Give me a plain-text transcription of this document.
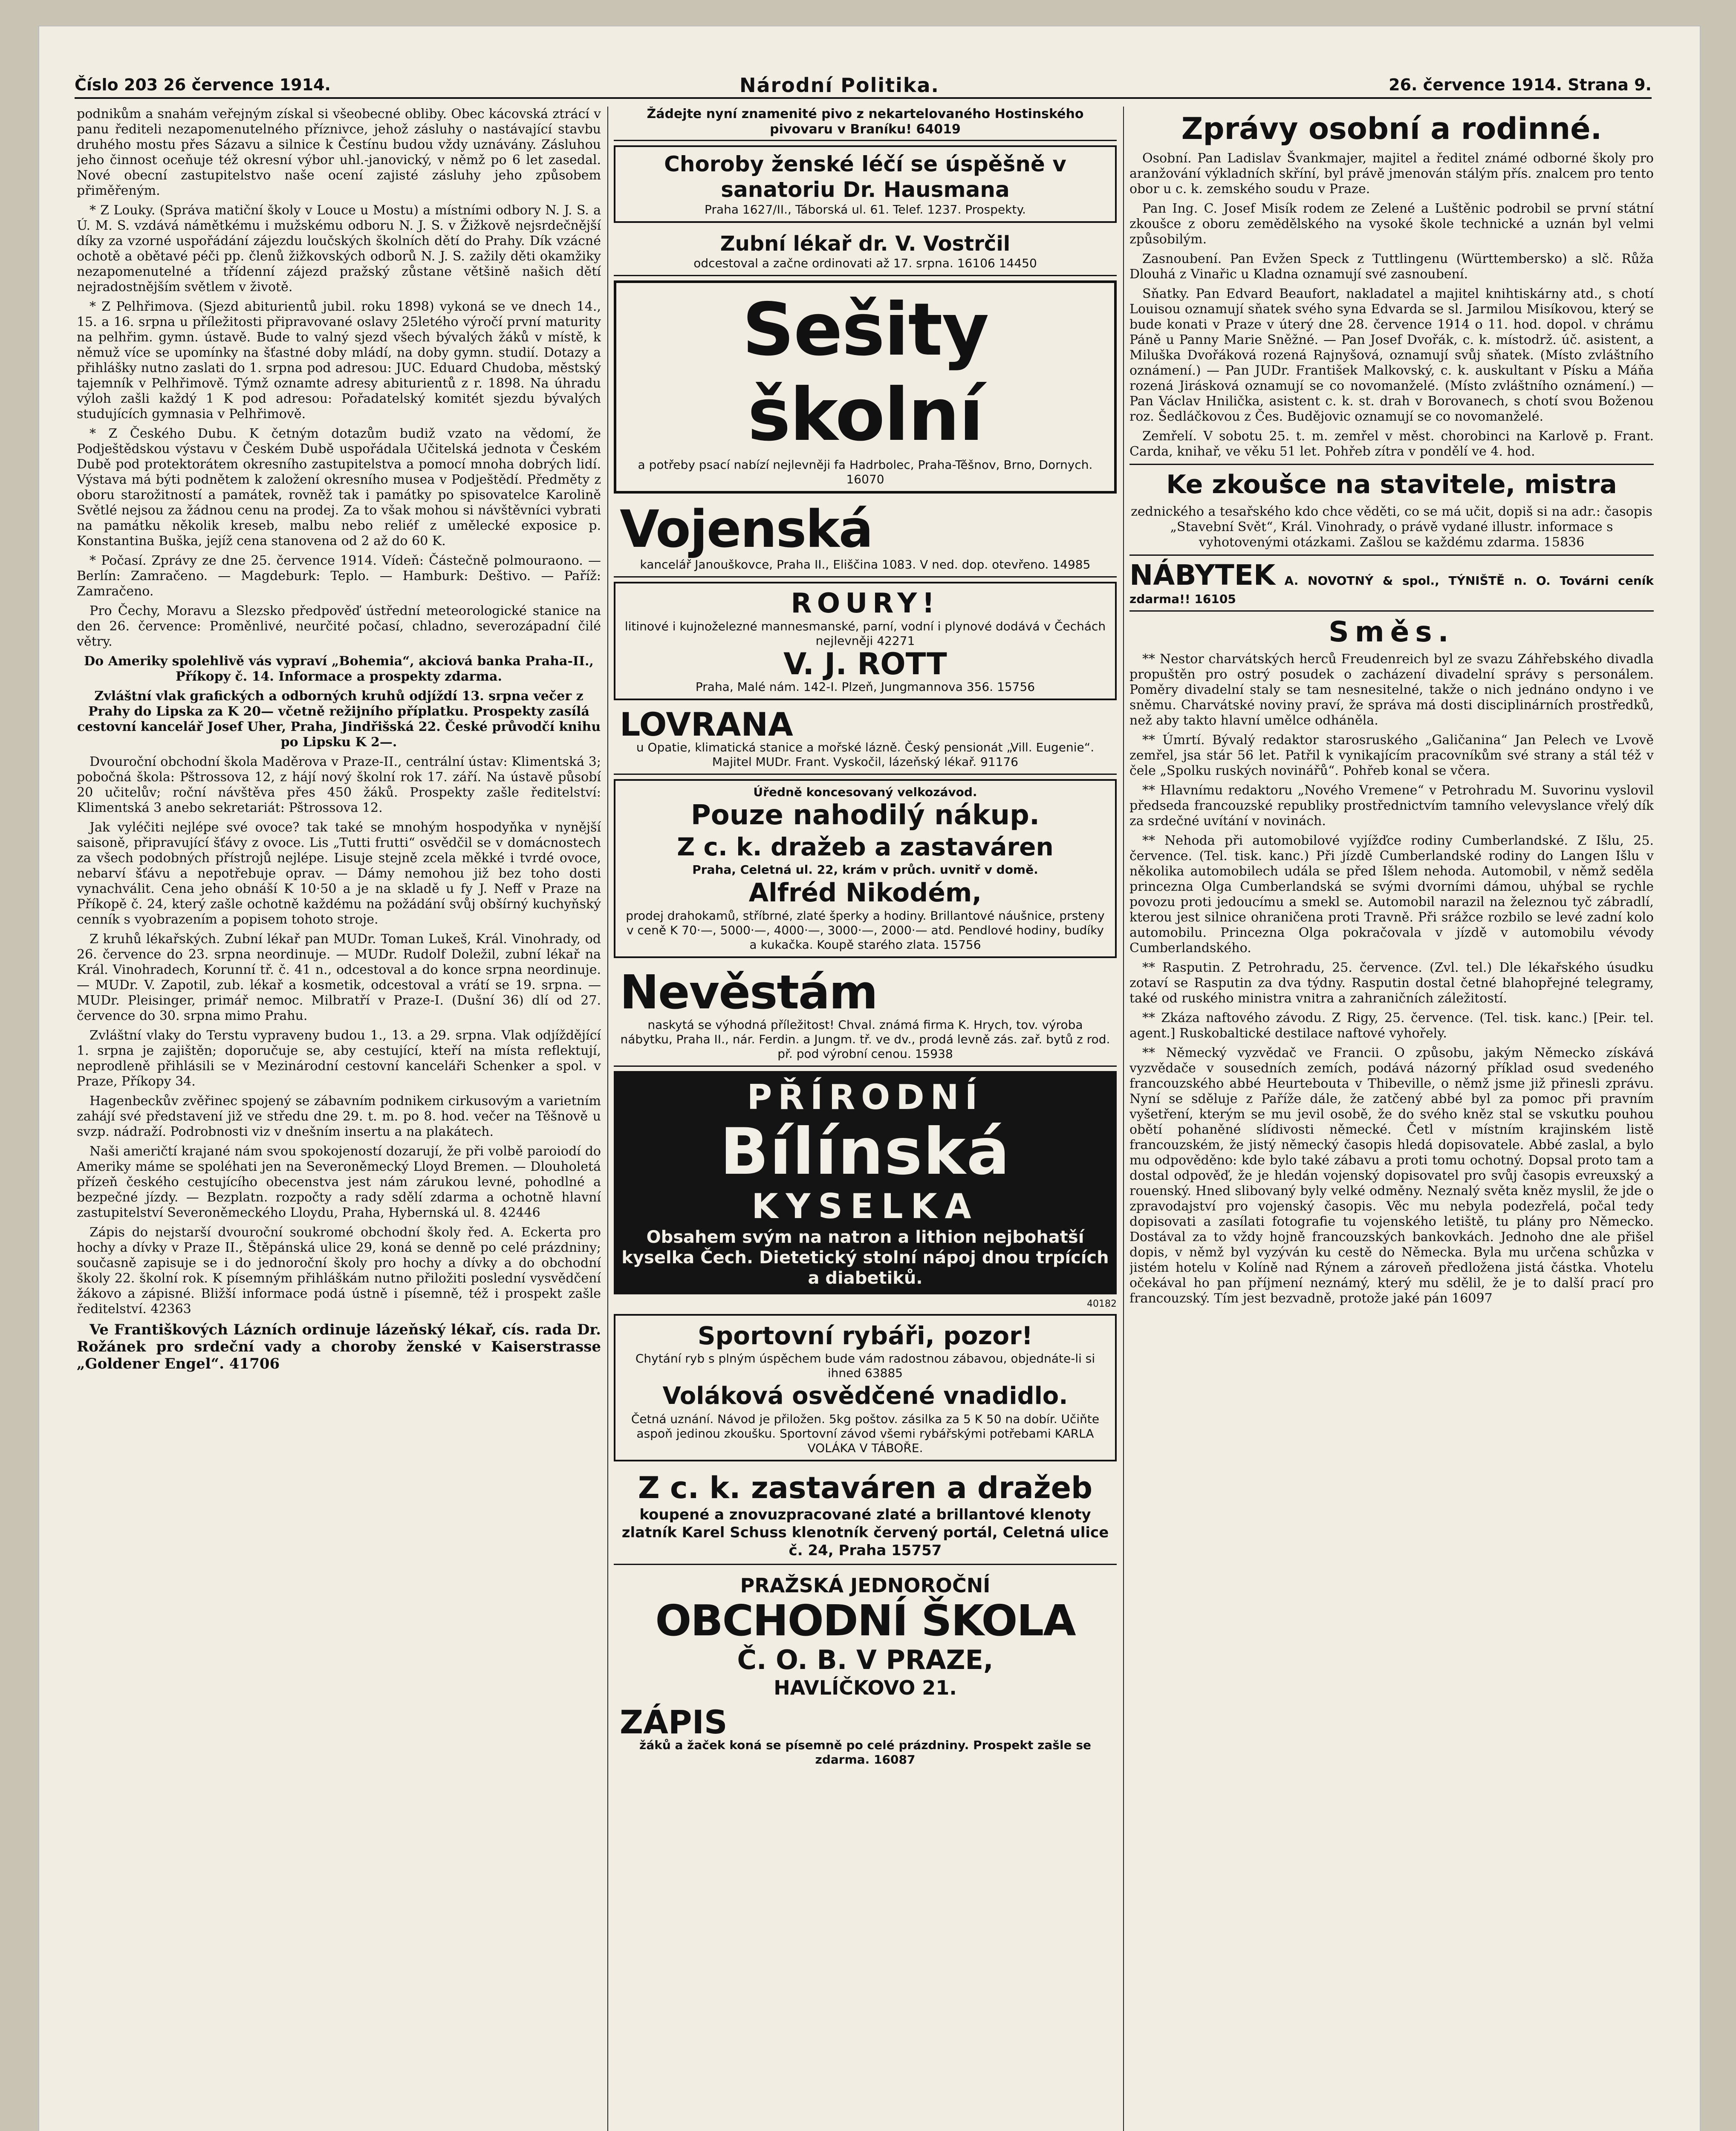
Číslo 203 26 července 1914.	Národní Politika.	26. července 1914. Strana 9.

podnikům a snahám veřejným získal si všeobecné obliby. Obec kácovská ztrácí v panu řediteli nezapomenutelného příznivce, jehož zásluhy o nastávající stavbu druhého mostu přes Sázavu a silnice k Čestínu budou vždy uznávány. Zásluhou jeho činnost oceňuje též okresní výbor uhl.-janovický, v němž po 6 let zasedal. Nové obecní zastupitelstvo naše ocení zajisté zásluhy jeho způsobem přiměřeným.

* Z Louky. (Správa matiční školy v Louce u Mostu) a místními odbory N. J. S. a Ú. M. S. vzdává námětkému i mužskému odboru N. J. S. v Žižkově nejsrdečnější díky za vzorné uspořádání zájezdu loučských školních dětí do Prahy. Dík vzácné ochotě a obětavé péči pp. členů žižkovských odborů N. J. S. zažily děti okamžiky nezapomenutelné a třídenní zájezd pražský zůstane většině našich dětí nejradostnějším světlem v životě.

* Z Pelhřimova. (Sjezd abiturientů jubil. roku 1898) vykoná se ve dnech 14., 15. a 16. srpna u příležitosti připravované oslavy 25letého výročí první maturity na pelhřim. gymn. ústavě. Bude to valný sjezd všech bývalých žáků v místě, k němuž více se upomínky na šťastné doby mládí, na doby gymn. studií. Dotazy a přihlášky nutno zaslati do 1. srpna pod adresou: JUC. Eduard Chudoba, městský tajemník v Pelhřimově. Týmž oznamte adresy abiturientů z r. 1898. Na úhradu výloh zašli každý 1 K pod adresou: Pořadatelský komitét sjezdu bývalých studujících gymnasia v Pelhřimově.

* Z Českého Dubu. K četným dotazům budiž vzato na vědomí, že Podještědskou výstavu v Českém Dubě uspořádala Učitelská jednota v Českém Dubě pod protektorátem okresního zastupitelstva a pomocí mnoha dobrých lidí. Výstava má býti podnětem k založení okresního musea v Podještědí. Předměty z oboru starožitností a památek, rovněž tak i památky po spisovatelce Karolině Světlé nejsou za žádnou cenu na prodej. Za to však mohou si návštěvníci vybrati na památku několik kreseb, malbu nebo reliéf z umělecké exposice p. Konstantina Buška, jejíž cena stanovena od 2 až do 60 K.

* Počasí. Zprávy ze dne 25. července 1914. Vídeň: Částečně polmouraono. — Berlín: Zamračeno. — Magdeburk: Teplo. — Hamburk: Deštivo. — Paříž: Zamračeno.

Pro Čechy, Moravu a Slezsko předpověď ústřední meteorologické stanice na den 26. července: Proměnlivé, neurčité počasí, chladno, severozápadní čilé větry.

Do Ameriky spolehlivě vás vypraví „Bohemia“, akciová banka Praha-II., Příkopy č. 14. Informace a prospekty zdarma.

Zvláštní vlak grafických a odborných kruhů odjíždí 13. srpna večer z Prahy do Lipska za K 20— včetně režijního příplatku. Prospekty zasílá cestovní kancelář Josef Uher, Praha, Jindřišská 22. České průvodčí knihu po Lipsku K 2—.

Dvouroční obchodní škola Maděrova v Praze-II., centrální ústav: Klimentská 3; pobočná škola: Pštrossova 12, z hájí nový školní rok 17. září. Na ústavě působí 20 učitelův; roční návštěva přes 450 žáků. Prospekty zašle ředitelství: Klimentská 3 anebo sekretariát: Pštrossova 12.

Jak vyléčiti nejlépe své ovoce? tak také se mnohým hospodyňka v nynější saisoně, připravující šťávy z ovoce. Lis „Tutti frutti“ osvědčil se v domácnostech za všech podobných přístrojů nejlépe. Lisuje stejně zcela měkké i tvrdé ovoce, nebarví šťávu a nepotřebuje oprav. — Dámy nemohou již bez toho dosti vynachválit. Cena jeho obnáší K 10·50 a je na skladě u fy J. Neff v Praze na Příkopě č. 24, který zašle ochotně každému na požádání svůj obšírný kuchyňský cenník s vyobrazením a popisem tohoto stroje.

Z kruhů lékařských. Zubní lékař pan MUDr. Toman Lukeš, Král. Vinohrady, od 26. července do 23. srpna neordinuje. — MUDr. Rudolf Doležil, zubní lékař na Král. Vinohradech, Korunní tř. č. 41 n., odcestoval a do konce srpna neordinuje. — MUDr. V. Zapotil, zub. lékař a kosmetik, odcestoval a vrátí se 19. srpna. — MUDr. Pleisinger, primář nemoc. Milbratří v Praze-I. (Dušní 36) dlí od 27. července do 30. srpna mimo Prahu.

Zvláštní vlaky do Terstu vypraveny budou 1., 13. a 29. srpna. Vlak odjíždějící 1. srpna je zajištěn; doporučuje se, aby cestující, kteří na místa reflektují, neprodleně přihlásili se v Mezinárodní cestovní kanceláři Schenker a spol. v Praze, Příkopy 34.

Hagenbeckův zvěřinec spojený se zábavním podnikem cirkusovým a varietním zahájí své představení již ve středu dne 29. t. m. po 8. hod. večer na Těšnově u svzp. nádraží. Podrobnosti viz v dnešním insertu a na plakátech.

Naši američtí krajané nám svou spokojeností dozarují, že při volbě paroiodí do Ameriky máme se spoléhati jen na Severoněmecký Lloyd Bremen. — Dlouholetá přízeň českého cestujícího obecenstva jest nám zárukou levné, pohodlné a bezpečné jízdy. — Bezplatn. rozpočty a rady sdělí zdarma a ochotně hlavní zastupitelství Severoněmeckého Lloydu, Praha, Hybernská ul. 8. 42446

Zápis do nejstarší dvouroční soukromé obchodní školy řed. A. Eckerta pro hochy a dívky v Praze II., Štěpánská ulice 29, koná se denně po celé prázdniny; současně zapisuje se i do jednoroční školy pro hochy a dívky a do obchodní školy 22. školní rok. K písemným přihláškám nutno přiložiti poslední vysvědčení žákovo a zápisné. Bližší informace podá ústně i písemně, též i prospekt zašle ředitelství. 42363

Ve Františkových Lázních ordinuje lázeňský lékař, cís. rada Dr. Rožánek pro srdeční vady a choroby ženské v Kaiserstrasse „Goldener Engel“. 41706

Žádejte nyní znamenité pivo z nekartelovaného Hostinského pivovaru v Braníku! 64019
Choroby ženské léčí se úspěšně v sanatoriu Dr. Hausmana
Praha 1627/II., Táborská ul. 61. Telef. 1237. Prospekty.
Zubní lékař dr. V. Vostrčil
odcestoval a začne ordinovati až 17. srpna. 16106 14450
Sešity školní
a potřeby psací nabízí nejlevněji fa Hadrbolec, Praha-Těšnov, Brno, Dornych. 16070
Vojenská
kancelář Janouškovce, Praha II., Eliščina 1083. V ned. dop. otevřeno. 14985
ROURY!
litinové i kujnoželezné mannesmanské, parní, vodní i plynové dodává v Čechách nejlevněji 42271
V. J. ROTT
Praha, Malé nám. 142-I. Plzeň, Jungmannova 356. 15756
LOVRANA
u Opatie, klimatická stanice a mořské lázně. Český pensionát „Vill. Eugenie“. Majitel MUDr. Frant. Vyskočil, lázeňský lékař. 91176
Úředně koncesovaný velkozávod.
Pouze nahodilý nákup.
Z c. k. dražeb a zastaváren
Praha, Celetná ul. 22, krám v průch. uvnitř v domě.
Alfréd Nikodém,
prodej drahokamů, stříbrné, zlaté šperky a hodiny. Brillantové náušnice, prsteny v ceně K 70·—, 5000·—, 4000·—, 3000·—, 2000·— atd. Pendlové hodiny, budíky a kukačka. Koupě starého zlata. 15756
Nevěstám
naskytá se výhodná příležitost! Chval. známá firma K. Hrych, tov. výroba nábytku, Praha II., nár. Ferdin. a Jungm. tř. ve dv., prodá levně zás. zař. bytů z rod. př. pod výrobní cenou. 15938
PŘÍRODNÍ
Bílínská
KYSELKA
Obsahem svým na natron a lithion nejbohatší kyselka Čech. Dietetický stolní nápoj dnou trpících a diabetiků.
40182
Sportovní rybáři, pozor!
Chytání ryb s plným úspěchem bude vám radostnou zábavou, objednáte-li si ihned 63885
Voláková osvědčené vnadidlo.
Četná uznání. Návod je přiložen. 5kg poštov. zásilka za 5 K 50 na dobír. Učiňte aspoň jedinou zkoušku. Sportovní závod všemi rybářskými potřebami KARLA VOLÁKA V TÁBOŘE.
Z c. k. zastaváren a dražeb
koupené a znovuzpracované zlaté a brillantové klenoty zlatník Karel Schuss klenotník červený portál, Celetná ulice č. 24, Praha 15757
PRAŽSKÁ JEDNOROČNÍ
OBCHODNÍ ŠKOLA
Č. O. B. V PRAZE,
HAVLÍČKOVO 21.
ZÁPIS
žáků a žaček koná se písemně po celé prázdniny. Prospekt zašle se zdarma. 16087
Zprávy osobní a rodinné.

Osobní. Pan Ladislav Švankmajer, majitel a ředitel známé odborné školy pro aranžování výkladních skříní, byl právě jmenován stálým přís. znalcem pro tento obor u c. k. zemského soudu v Praze.

Pan Ing. C. Josef Misík rodem ze Zelené a Luštěnic podrobil se první státní zkoušce z oboru zemědělského na vysoké škole technické a uznán byl velmi způsobilým.

Zasnoubení. Pan Evžen Speck z Tuttlingenu (Württembersko) a slč. Růža Dlouhá z Vinařic u Kladna oznamují své zasnoubení.

Sňatky. Pan Edvard Beaufort, nakladatel a majitel knihtiskárny atd., s chotí Louisou oznamují sňatek svého syna Edvarda se sl. Jarmilou Misíkovou, který se bude konati v Praze v úterý dne 28. července 1914 o 11. hod. dopol. v chrámu Páně u Panny Marie Sněžné. — Pan Josef Dvořák, c. k. místodrž. úč. asistent, a Miluška Dvořáková rozená Rajnyšová, oznamují svůj sňatek. (Místo zvláštního oznámení.) — Pan JUDr. František Malkovský, c. k. auskultant v Písku a Máňa rozená Jirásková oznamují se co novomanželé. (Místo zvláštního oznámení.) — Pan Václav Hnilička, asistent c. k. st. drah v Borovanech, s chotí svou Boženou roz. Šedláčkovou z Čes. Budějovic oznamují se co novomanželé.

Zemřelí. V sobotu 25. t. m. zemřel v měst. chorobinci na Karlově p. Frant. Carda, knihař, ve věku 51 let. Pohřeb zítra v pondělí ve 4. hod.

Ke zkoušce na stavitele, mistra

zednického a tesařského kdo chce věděti, co se má učit, dopiš si na adr.: časopis „Stavební Svět“, Král. Vinohrady, o právě vydané illustr. informace s vyhotovenými otázkami. Zašlou se každému zdarma. 15836

NÁBYTEK A. NOVOTNÝ & spol., TÝNIŠTĚ n. O. Továrni ceník zdarma!! 16105
Směs.

** Nestor charvátských herců Freudenreich byl ze svazu Záhřebského divadla propuštěn pro ostrý posudek o zacházení divadelní správy s personálem. Poměry divadelní staly se tam nesnesitelné, takže o nich jednáno ondyno i ve sněmu. Charvátské noviny praví, že správa má dosti disciplinárních prostředků, než aby takto hlavní umělce odháněla.

** Úmrtí. Bývalý redaktor starosruského „Galičanina“ Jan Pelech ve Lvově zemřel, jsa stár 56 let. Patřil k vynikajícím pracovníkům své strany a stál též v čele „Spolku ruských novinářů“. Pohřeb konal se včera.

** Hlavnímu redaktoru „Nového Vremene“ v Petrohradu M. Suvorinu vyslovil předseda francouzské republiky prostřednictvím tamního velevyslance vřelý dík za srdečné uvítání v novinách.

** Nehoda při automobilové vyjížďce rodiny Cumberlandské. Z Išlu, 25. července. (Tel. tisk. kanc.) Při jízdě Cumberlandské rodiny do Langen Išlu v několika automobilech udála se před Išlem nehoda. Automobil, v němž seděla princezna Olga Cumberlandská se svými dvorními dámou, uhýbal se rychle povozu proti jedoucímu a smekl se. Automobil narazil na železnou tyč zábradlí, kterou jest silnice ohraničena proti Travně. Při srážce rozbilo se levé zadní kolo automobilu. Princezna Olga pokračovala v jízdě v automobilu vévody Cumberlandského.

** Rasputin. Z Petrohradu, 25. července. (Zvl. tel.) Dle lékařského úsudku zotaví se Rasputin za dva týdny. Rasputin dostal četné blahopřejné telegramy, také od ruského ministra vnitra a zahraničních záležitostí.

** Zkáza naftového závodu. Z Rigy, 25. července. (Tel. tisk. kanc.) [Peir. tel. agent.] Ruskobaltické destilace naftové vyhořely.

** Německý vyzvědač ve Francii. O způsobu, jakým Německo získává vyzvědače v sousedních zemích, podává názorný příklad osud svedeného francouzského abbé Heurteboutа v Thibeville, o němž jsme již přinesli zprávu. Nyní se sděluje z Paříže dále, že zatčený abbé byl za pomoc při pravním vyšetření, kterým se mu jevil osobě, že do svého kněz stal se vskutku pouhou obětí pohaněné slídivosti německé. Četl v místním krajinském listě francouzském, že jistý německý časopis hledá dopisovatele. Abbé zaslal, a bylo mu odpověděno: kde bylo také zábavu a proti tomu ochotný. Dopsal proto tam a dostal odpověď, že je hledán vojenský dopisovatel pro svůj časopis evreuxský a rouenský. Hned slibovaný byly velké odměny. Neznalý světa kněz myslil, že jde o zpravodajství pro vojenský časopis. Věc mu nebyla podezřelá, počal tedy dopisovati a zasílati fotografie tu vojenského letiště, tu plány pro Německo. Dostával za to vždy hojně francouzských bankovkách. Jednoho dne ale přišel dopis, v němž byl vyzýván ku cestě do Německa. Byla mu určena schůzka v jistém hotelu v Kolíně nad Rýnem a zároveň předložena jistá částka. Vhotelu očekával ho pan příjmení neznámý, který mu sdělil, že je to další prací pro francouzský. Tím jest bezvadně, protože jaké pán 16097
